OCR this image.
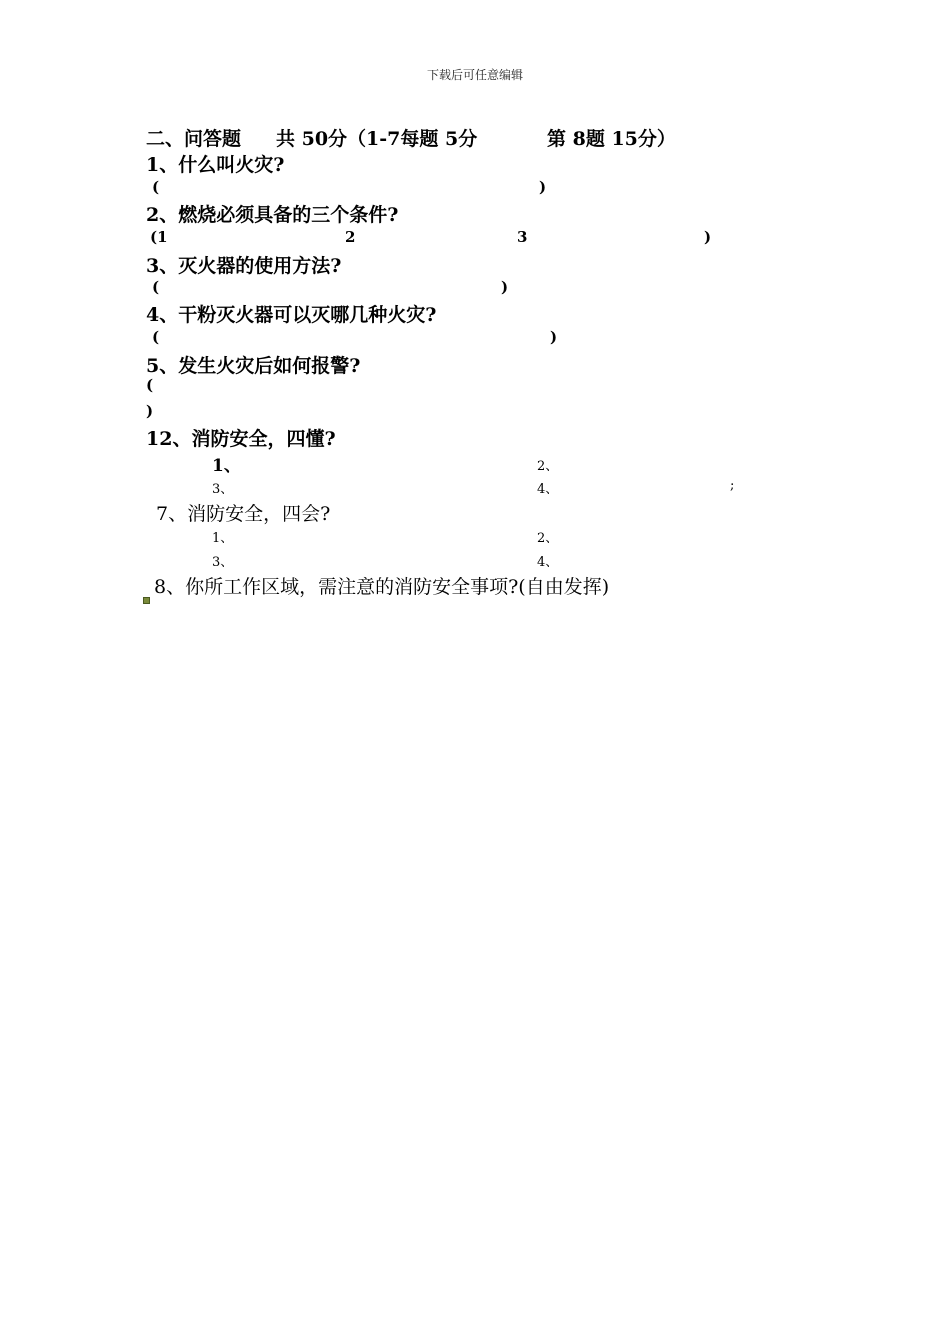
下载后可任意编辑
二、问答题 共 50分（1-7每题 5分	第 8题 15分）
1、什么叫火灾?
(	)
2、燃烧必须具备的三个条件?
(1	2	3	)
3、灭火器的使用方法?
(	)
4、干粉灭火器可以灭哪几种火灾?
(	)
5、发生火灾后如何报警?
(
)
12、消防安全，四懂?
1、	2、
3、	4、	;
7、消防安全，四会?
1、	2、
3、	4、
8、你所工作区域，需注意的消防安全事项?(自由发挥)
